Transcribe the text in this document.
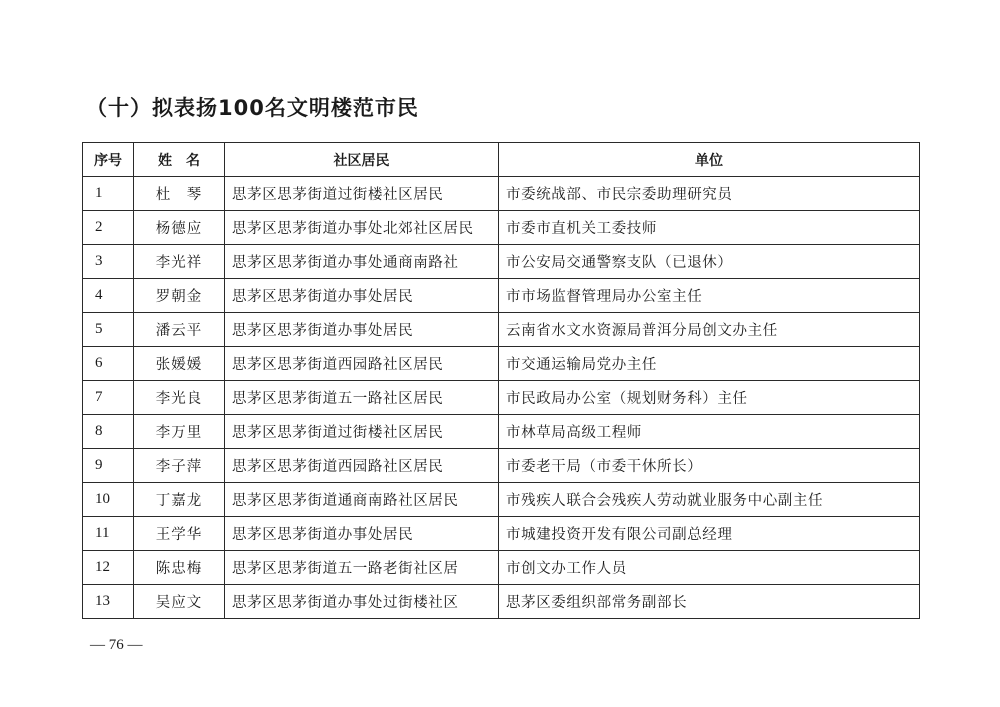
（十）拟表扬100名文明楼范市民
序号	姓　名	社区居民	单位
1	杜　琴	思茅区思茅街道过街楼社区居民	市委统战部、市民宗委助理研究员
2	杨德应	思茅区思茅街道办事处北郊社区居民	市委市直机关工委技师
3	李光祥	思茅区思茅街道办事处通商南路社	市公安局交通警察支队（已退休）
4	罗朝金	思茅区思茅街道办事处居民	市市场监督管理局办公室主任
5	潘云平	思茅区思茅街道办事处居民	云南省水文水资源局普洱分局创文办主任
6	张媛媛	思茅区思茅街道西园路社区居民	市交通运输局党办主任
7	李光良	思茅区思茅街道五一路社区居民	市民政局办公室（规划财务科）主任
8	李万里	思茅区思茅街道过街楼社区居民	市林草局高级工程师
9	李子萍	思茅区思茅街道西园路社区居民	市委老干局（市委干休所长）
10	丁嘉龙	思茅区思茅街道通商南路社区居民	市残疾人联合会残疾人劳动就业服务中心副主任
11	王学华	思茅区思茅街道办事处居民	市城建投资开发有限公司副总经理
12	陈忠梅	思茅区思茅街道五一路老街社区居	市创文办工作人员
13	吴应文	思茅区思茅街道办事处过街楼社区	思茅区委组织部常务副部长
— 76 —
